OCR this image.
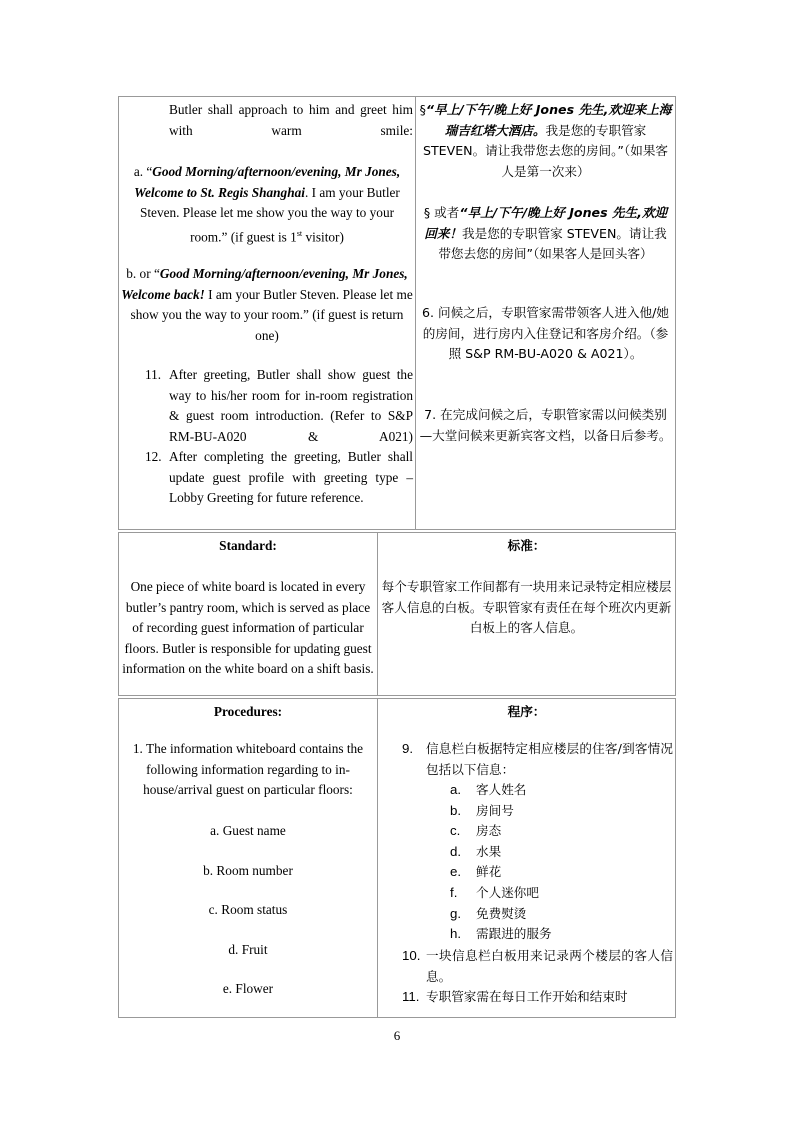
Butler shall approach to him and greet him with warm smile:

a. “Good Morning/afternoon/evening, Mr Jones, Welcome to St. Regis Shanghai. I am your Butler Steven. Please let me show you the way to your room.” (if guest is 1st visitor)

b. or “Good Morning/afternoon/evening, Mr Jones, Welcome back! I am your Butler Steven. Please let me show you the way to your room.” (if guest is return one)

11. After greeting, Butler shall show guest the way to his/her room for in-room registration & guest room introduction. (Refer to S&P RM-BU-A020 & A021)

12. After completing the greeting, Butler shall update guest profile with greeting type – Lobby Greeting for future reference.

§“早上/下午/晚上好 Jones 先生,欢迎来上海瑞吉红塔大酒店。我是您的专职管家 STEVEN。请让我带您去您的房间。”（如果客人是第一次来）

§ 或者“早上/下午/晚上好 Jones 先生,欢迎回来！我是您的专职管家 STEVEN。请让我带您去您的房间”（如果客人是回头客）

6. 问候之后，专职管家需带领客人进入他/她的房间，进行房内入住登记和客房介绍。（参照 S&P RM-BU-A020 & A021）。

7. 在完成问候之后，专职管家需以问候类别—大堂问候来更新宾客文档，以备日后参考。

Standard:

One piece of white board is located in every butler’s pantry room, which is served as place of recording guest information of particular floors. Butler is responsible for updating guest information on the white board on a shift basis.

标准：

每个专职管家工作间都有一块用来记录特定相应楼层客人信息的白板。专职管家有责任在每个班次内更新白板上的客人信息。

Procedures:

1. The information whiteboard contains the following information regarding to in-house/arrival guest on particular floors:

a. Guest name

b. Room number

c. Room status

d. Fruit

e. Flower

程序：

9. 信息栏白板据特定相应楼层的住客/到客情况包括以下信息：

a. 客人姓名
b. 房间号
c. 房态
d. 水果
e. 鲜花
f. 个人迷你吧
g. 免费熨烫
h. 需跟进的服务
10. 一块信息栏白板用来记录两个楼层的客人信息。

11. 专职管家需在每日工作开始和结束时

6
